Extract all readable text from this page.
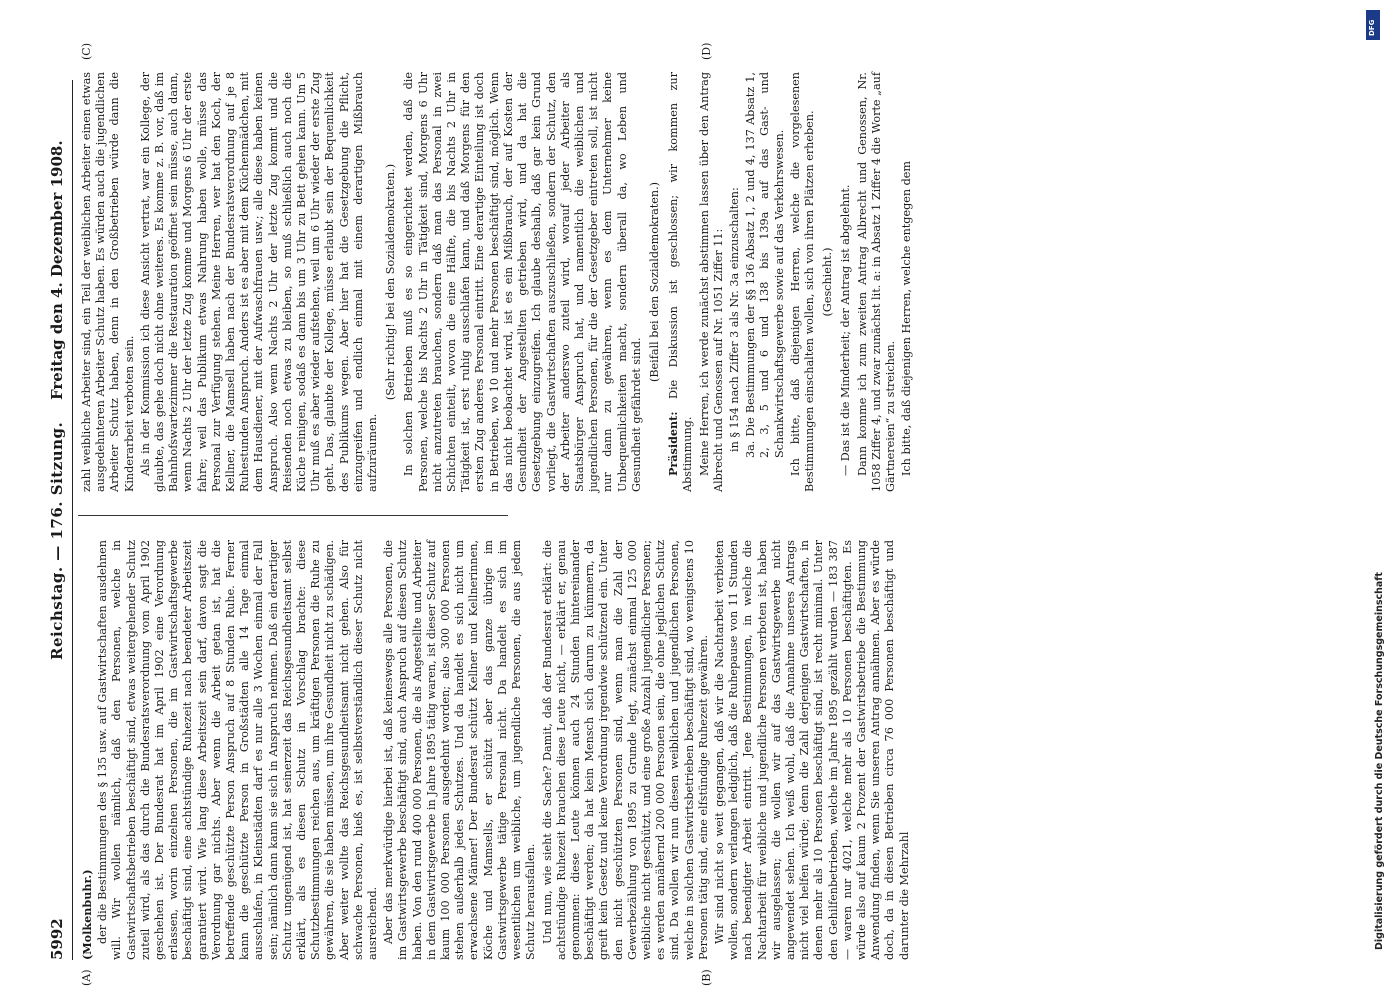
5992
Reichstag. — 176. Sitzung.
Freitag den 4. Dezember 1908.
(A)	(B)
(C)	(D)
(Molkenbuhr.) der die Bestimmungen des § 135 usw. auf Gastwirtschaften ausdehnen will. Wir wollen nämlich, daß den Personen, welche in Gastwirtschaftsbetrieben beschäftigt sind, etwas weitergehender Schutz zuteil wird, als das durch die Bundesratsverordnung vom April 1902 geschehen ist. Der Bundesrat hat im April 1902 eine Verordnung erlassen, worin einzelnen Personen, die im Gastwirtschaftsgewerbe beschäftigt sind, eine achtstündige Ruhezeit nach beendeter Arbeitszeit garantiert wird. Wie lang diese Arbeitszeit sein darf, davon sagt die Verordnung gar nichts. Aber wenn die Arbeit getan ist, hat die betreffende geschützte Person Anspruch auf 8 Stunden Ruhe. Ferner kann die geschützte Person in Großstädten alle 14 Tage einmal ausschlafen, in Kleinstädten darf es nur alle 3 Wochen einmal der Fall sein; nämlich dann kann sie sich in Anspruch nehmen. Daß ein derartiger Schutz ungenügend ist, hat seinerzeit das Reichsgesundheitsamt selbst erklärt, als es diesen Schutz in Vorschlag brachte: diese Schutzbestimmungen reichen aus, um kräftigen Personen die Ruhe zu gewähren, die sie haben müssen, um ihre Gesundheit nicht zu schädigen. Aber weiter wollte das Reichsgesundheitsamt nicht gehen. Also für schwache Personen, hieß es, ist selbstverständlich dieser Schutz nicht ausreichend. Aber das merkwürdige hierbei ist, daß keineswegs alle Personen, die im Gastwirtsgewerbe beschäftigt sind, auch Anspruch auf diesen Schutz haben. Von den rund 400 000 Personen, die als Angestellte und Arbeiter in dem Gastwirtsgewerbe in Jahre 1895 tätig waren, ist dieser Schutz auf kaum 100 000 Personen ausgedehnt worden; also 300 000 Personen stehen außerhalb jedes Schutzes. Und da handelt es sich nicht um erwachsene Männer! Der Bundesrat schützt Kellner und Kellnerinnen, Köche und Mamsells, er schützt aber das ganze übrige im Gastwirtsgewerbe tätige Personal nicht. Da handelt es sich im wesentlichen um weibliche, um jugendliche Personen, die aus jedem Schutz herausfallen. Und nun, wie sieht die Sache? Damit, daß der Bundesrat erklärt: die achtstündige Ruhezeit brauchen diese Leute nicht, — erklärt er, genau genommen: diese Leute können auch 24 Stunden hintereinander beschäftigt werden; da hat kein Mensch sich darum zu kümmern, da greift kein Gesetz und keine Verordnung irgendwie schützend ein. Unter den nicht geschützten Personen sind, wenn man die Zahl der Gewerbezählung von 1895 zu Grunde legt, zunächst einmal 125 000 weibliche nicht geschützt, und eine große Anzahl jugendlicher Personen; es werden annähernd 200 000 Personen sein, die ohne jeglichen Schutz sind. Da wollen wir nun diesen weiblichen und jugendlichen Personen, welche in solchen Gastwirtsbetrieben beschäftigt sind, wo wenigstens 10 Personen tätig sind, eine elfstündige Ruhezeit gewähren. Wir sind nicht so weit gegangen, daß wir die Nachtarbeit verbieten wollen, sondern verlangen lediglich, daß die Ruhepause von 11 Stunden nach beendigter Arbeit eintritt. Jene Bestimmungen, in welche die Nachtarbeit für weibliche und jugendliche Personen verboten ist, haben wir ausgelassen; die wollen wir auf das Gastwirtsgewerbe nicht angewendet sehen. Ich weiß wohl, daß die Annahme unseres Antrags nicht viel helfen würde; denn die Zahl derjenigen Gastwirtschaften, in denen mehr als 10 Personen beschäftigt sind, ist recht minimal. Unter den Gehilfenbetrieben, welche im Jahre 1895 gezählt wurden — 183 387 — waren nur 4021, welche mehr als 10 Personen beschäftigten. Es würde also auf kaum 2 Prozent der Gastwirtsbetriebe die Bestimmung Anwendung finden, wenn Sie unseren Antrag annähmen. Aber es würde doch, da in diesen Betrieben circa 76 000 Personen beschäftigt und darunter die Mehrzahl

zahl weibliche Arbeiter sind, ein Teil der weiblichen Arbeiter einen etwas ausgedehnteren Arbeiter Schutz haben. Es würden auch die jugendlichen Arbeiter Schutz haben, denn in den Großbetrieben würde dann die Kinderarbeit verboten sein. Als in der Kommission ich diese Ansicht vertrat, war ein Kollege, der glaubte, das gehe doch nicht ohne weiteres. Es komme z. B. vor, daß im Bahnhofswartezimmer die Restauration geöffnet sein müsse, auch dann, wenn Nachts 2 Uhr der letzte Zug komme und Morgens 6 Uhr der erste fahre; weil das Publikum etwas Nahrung haben wolle, müsse das Personal zur Verfügung stehen. Meine Herren, wer hat den Koch, der Kellner, die Mamsell haben nach der Bundesratsverordnung auf je 8 Ruhestunden Anspruch. Anders ist es aber mit dem Küchenmädchen, mit dem Hausdiener, mit der Aufwaschfrauen usw.; alle diese haben keinen Anspruch. Also wenn Nachts 2 Uhr der letzte Zug kommt und die Reisenden noch etwas zu bleiben, so muß schließlich auch noch die Küche reinigen, sodaß es dann bis um 3 Uhr zu Bett gehen kann. Um 5 Uhr muß es aber wieder aufstehen, weil um 6 Uhr wieder der erste Zug geht. Das, glaubte der Kollege, müsse erlaubt sein der Bequemlichkeit des Publikums wegen. Aber hier hat die Gesetzgebung die Pflicht, einzugreifen und endlich einmal mit einem derartigen Mißbrauch aufzuräumen.

(Sehr richtig! bei den Sozialdemokraten.) In solchen Betrieben muß es so eingerichtet werden, daß die Personen, welche bis Nachts 2 Uhr in Tätigkeit sind, Morgens 6 Uhr nicht anzutreten brauchen, sondern daß man das Personal in zwei Schichten einteilt, wovon die eine Hälfte, die bis Nachts 2 Uhr in Tätigkeit ist, erst ruhig ausschlafen kann, und daß Morgens für den ersten Zug anderes Personal eintritt. Eine derartige Einteilung ist doch in Betrieben, wo 10 und mehr Personen beschäftigt sind, möglich. Wenn das nicht beobachtet wird, ist es ein Mißbrauch, der auf Kosten der Gesundheit der Angestellten getrieben wird, und da hat die Gesetzgebung einzugreifen. Ich glaube deshalb, daß gar kein Grund vorliegt, die Gastwirtschaften auszuschließen, sondern der Schutz, den der Arbeiter anderswo zuteil wird, worauf jeder Arbeiter als Staatsbürger Anspruch hat, und namentlich die weiblichen und jugendlichen Personen, für die der Gesetzgeber eintreten soll, ist nicht nur dann zu gewähren, wenn es dem Unternehmer keine Unbequemlichkeiten macht, sondern überall da, wo Leben und Gesundheit gefährdet sind.

(Beifall bei den Sozialdemokraten.)

Präsident: Die Diskussion ist geschlossen; wir kommen zur Abstimmung. Meine Herren, ich werde zunächst abstimmen lassen über den Antrag Albrecht und Genossen auf Nr. 1051 Ziffer 11: in § 154 nach Ziffer 3 als Nr. 3a einzuschalten: 3a. Die Bestimmungen der §§ 136 Absatz 1, 2 und 4, 137 Absatz 1, 2, 3, 5 und 6 und 138 bis 139a auf das Gast- und Schankwirtschaftsgewerbe sowie auf das Verkehrswesen. Ich bitte, daß diejenigen Herren, welche die vorgelesenen Bestimmungen einschalten wollen, sich von ihren Plätzen erheben. (Geschieht.) — Das ist die Minderheit; der Antrag ist abgelehnt. Dann komme ich zum zweiten Antrag Albrecht und Genossen, Nr. 1058 Ziffer 4, und zwar zunächst lit. a: in Absatz 1 Ziffer 4 die Worte „auf Gärtnereien“ zu streichen. Ich bitte, daß diejenigen Herren, welche entgegen dem

DFG
Digitalisierung gefördert durch die Deutsche Forschungsgemeinschaft
